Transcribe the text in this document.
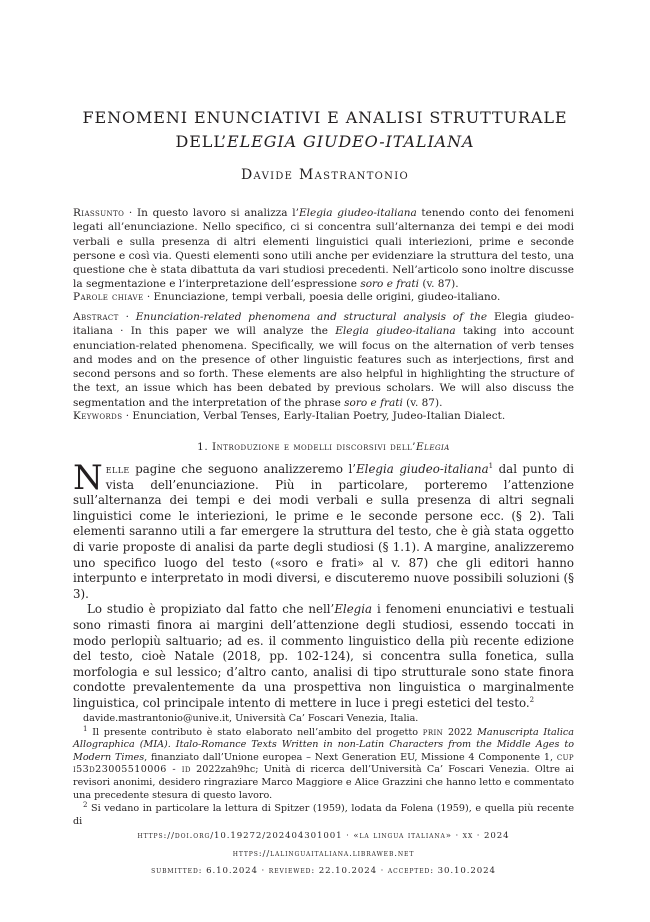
FENOMENI ENUNCIATIVI E ANALISI STRUTTURALE
DELL’ELEGIA GIUDEO-ITALIANA
Davide Mastrantonio
Riassunto · In questo lavoro si analizza l’Elegia giudeo-italiana tenendo conto dei fenomeni legati all’enunciazione. Nello specifico, ci si concentra sull’alternanza dei tempi e dei modi verbali e sulla presenza di altri elementi linguistici quali interiezioni, prime e seconde persone e così via. Questi elementi sono utili anche per evidenziare la struttura del testo, una questione che è stata dibattuta da vari studiosi precedenti. Nell’articolo sono inoltre discusse la segmentazione e l’interpretazione dell’espressione soro e frati (v. 87).
Parole chiave · Enunciazione, tempi verbali, poesia delle origini, giudeo-italiano.
Abstract · Enunciation-related phenomena and structural analysis of the Elegia giudeo-italiana · In this paper we will analyze the Elegia giudeo-italiana taking into account enunciation-related phenomena. Specifically, we will focus on the alternation of verb tenses and modes and on the presence of other linguistic features such as interjections, first and second persons and so forth. These elements are also helpful in highlighting the structure of the text, an issue which has been debated by previous scholars. We will also discuss the segmentation and the interpretation of the phrase soro e frati (v. 87).
Keywords · Enunciation, Verbal Tenses, Early-Italian Poetry, Judeo-Italian Dialect.
1. Introduzione e modelli discorsivi dell’Elegia

Nelle pagine che seguono analizzeremo l’Elegia giudeo-italiana$^1$ dal punto di vista dell’enunciazione. Più in particolare, porteremo l’attenzione sull’alternanza dei tempi e dei modi verbali e sulla presenza di altri segnali linguistici come le interiezioni, le prime e le seconde persone ecc. (§ 2). Tali elementi saranno utili a far emergere la struttura del testo, che è già stata oggetto di varie proposte di analisi da parte degli studiosi (§ 1.1). A margine, analizzeremo uno specifico luogo del testo («soro e frati» al v. 87) che gli editori hanno interpunto e interpretato in modi diversi, e discuteremo nuove possibili soluzioni (§ 3).

Lo studio è propiziato dal fatto che nell’Elegia i fenomeni enunciativi e testuali sono rimasti finora ai margini dell’attenzione degli studiosi, essendo toccati in modo perlopiù saltuario; ad es. il commento linguistico della più recente edizione del testo, cioè Natale (2018, pp. 102-124), si concentra sulla fonetica, sulla morfologia e sul lessico; d’altro canto, analisi di tipo strutturale sono state finora condotte prevalentemente da una prospettiva non linguistica o marginalmente linguistica, col principale intento di mettere in luce i pregi estetici del testo.$^2$

davide.mastrantonio@unive.it, Università Ca’ Foscari Venezia, Italia.

$^1$ Il presente contributo è stato elaborato nell’ambito del progetto prin 2022 Manuscripta Italica Allographica (MIA). Italo-Romance Texts Written in non-Latin Characters from the Middle Ages to Modern Times, finanziato dall’Unione europea – Next Generation EU, Missione 4 Componente 1, cup i53d23005510006 - id 2022zah9hc; Unità di ricerca dell’Università Ca’ Foscari Venezia. Oltre ai revisori anonimi, desidero ringraziare Marco Maggiore e Alice Grazzini che hanno letto e commentato una precedente stesura di questo lavoro.

$^2$ Si vedano in particolare la lettura di Spitzer (1959), lodata da Folena (1959), e quella più recente di

https://doi.org/10.19272/202404301001 · «la lingua italiana» · xx · 2024
https://lalinguaitaliana.libraweb.net
submitted: 6.10.2024 · reviewed: 22.10.2024 · accepted: 30.10.2024
